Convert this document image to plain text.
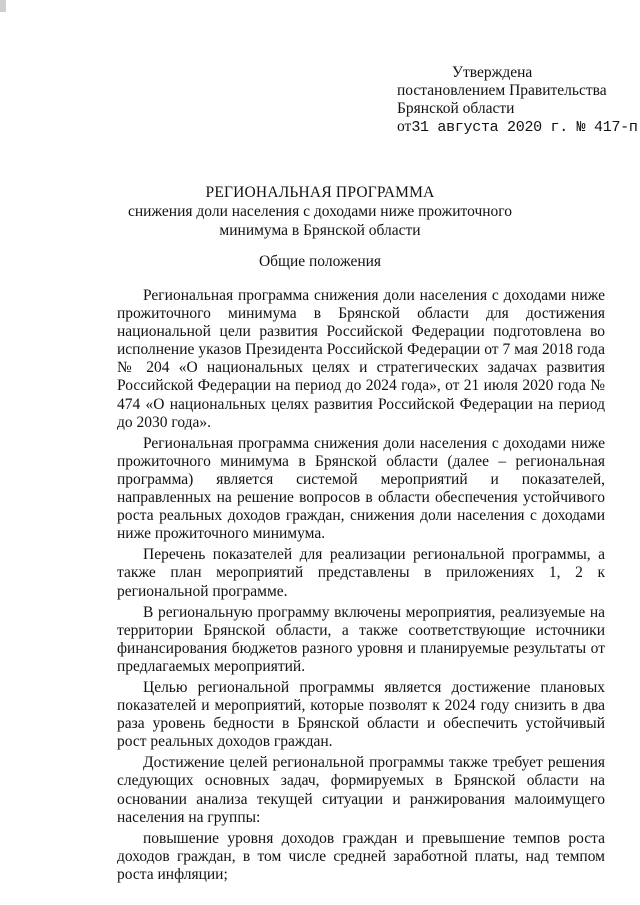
Утверждена
постановлением Правительства
Брянской области
от31 августа 2020 г. № 417-п
РЕГИОНАЛЬНАЯ ПРОГРАММА
снижения доли населения с доходами ниже прожиточного
минимума в Брянской области
Общие положения

Региональная программа снижения доли населения с доходами ниже прожиточного минимума в Брянской области для достижения национальной цели развития Российской Федерации подготовлена во исполнение указов Президента Российской Федерации от 7 мая 2018 года № 204 «О национальных целях и стратегических задачах развития Российской Федерации на период до 2024 года», от 21 июля 2020 года № 474 «О национальных целях развития Российской Федерации на период до 2030 года».

Региональная программа снижения доли населения с доходами ниже прожиточного минимума в Брянской области (далее – региональная программа) является системой мероприятий и показателей, направленных на решение вопросов в области обеспечения устойчивого роста реальных доходов граждан, снижения доли населения с доходами ниже прожиточного минимума.

Перечень показателей для реализации региональной программы, а также план мероприятий представлены в приложениях 1, 2 к региональной программе.

В региональную программу включены мероприятия, реализуемые на территории Брянской области, а также соответствующие источники финансирования бюджетов разного уровня и планируемые результаты от предлагаемых мероприятий.

Целью региональной программы является достижение плановых показателей и мероприятий, которые позволят к 2024 году снизить в два раза уровень бедности в Брянской области и обеспечить устойчивый рост реальных доходов граждан.

Достижение целей региональной программы также требует решения следующих основных задач, формируемых в Брянской области на основании анализа текущей ситуации и ранжирования малоимущего населения на группы:

повышение уровня доходов граждан и превышение темпов роста доходов граждан, в том числе средней заработной платы, над темпом роста инфляции;
